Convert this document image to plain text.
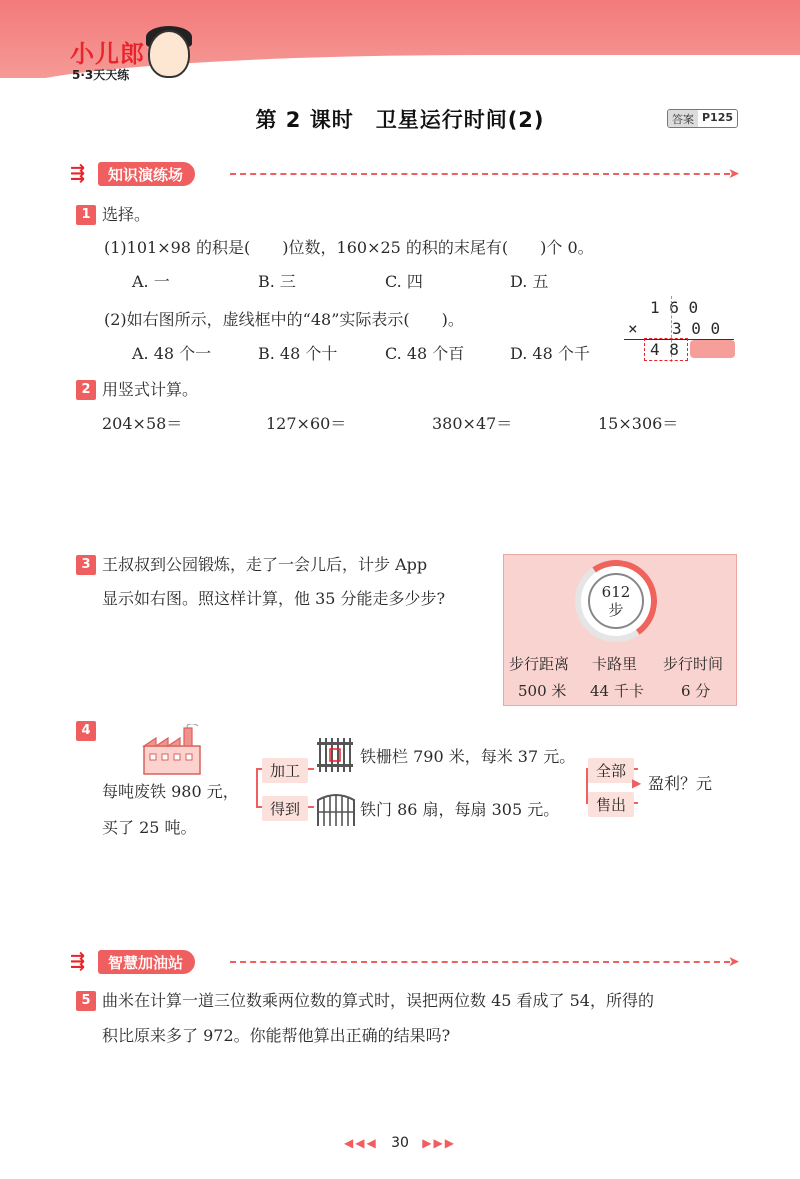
小儿郎
5·3天天练
第 2 课时　卫星运行时间(2)	答案 P125
⇶	知识演练场	➤
1 选择。
(1)101×98 的积是(　　)位数，160×25 的积的末尾有(　　)个 0。
A. 一	B. 三	C. 四	D. 五
(2)如右图所示，虚线框中的“48”实际表示(　　)。
A. 48 个一	B. 48 个十	C. 48 个百	D. 48 个千
1 6 0
× 3 0 0
4 8
2 用竖式计算。
204×58＝	127×60＝	380×47＝	15×306＝
3 王叔叔到公园锻炼，走了一会儿后，计步 App
显示如右图。照这样计算，他 35 分能走多少步?	612
步
步行距离 卡路里 步行时间
500 米 44 千卡 6 分
4
每吨废铁 980 元，
买了 25 吨。
加工
得到
铁栅栏 790 米，每米 37 元。
铁门 86 扇，每扇 305 元。
全部
售出
▶ 盈利？元
⇶	智慧加油站	➤
5 曲米在计算一道三位数乘两位数的算式时，误把两位数 45 看成了 54，所得的
积比原来多了 972。你能帮他算出正确的结果吗?
◀◀◀ 30 ▶▶▶
